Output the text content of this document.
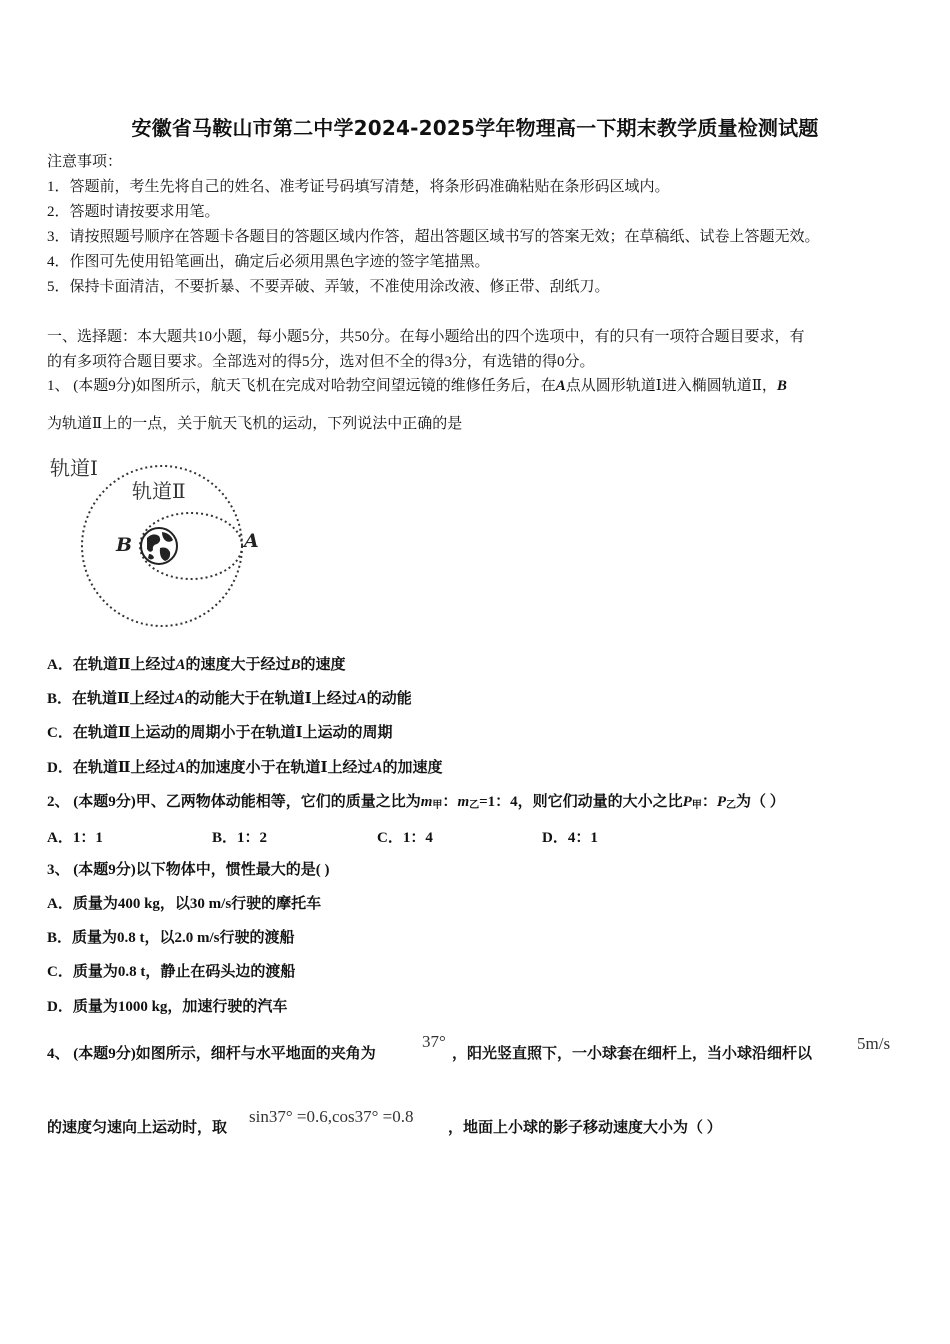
安徽省马鞍山市第二中学2024-2025学年物理高一下期末教学质量检测试题
注意事项：
1．答题前，考生先将自己的姓名、准考证号码填写清楚，将条形码准确粘贴在条形码区域内。
2．答题时请按要求用笔。
3．请按照题号顺序在答题卡各题目的答题区域内作答，超出答题区域书写的答案无效；在草稿纸、试卷上答题无效。
4．作图可先使用铅笔画出，确定后必须用黑色字迹的签字笔描黑。
5．保持卡面清洁，不要折暴、不要弄破、弄皱，不准使用涂改液、修正带、刮纸刀。
一、选择题：本大题共10小题，每小题5分，共50分。在每小题给出的四个选项中，有的只有一项符合题目要求，有
的有多项符合题目要求。全部选对的得5分，选对但不全的得3分，有选错的得0分。
1、 (本题9分)如图所示，航天飞机在完成对哈勃空间望远镜的维修任务后，在A点从圆形轨道Ⅰ进入椭圆轨道Ⅱ，B
为轨道Ⅱ上的一点，关于航天飞机的运动，下列说法中正确的是
轨道Ⅰ
轨道Ⅱ
B	A
A．在轨道Ⅱ上经过A的速度大于经过B的速度
B．在轨道Ⅱ上经过A的动能大于在轨道Ⅰ上经过A的动能
C．在轨道Ⅱ上运动的周期小于在轨道Ⅰ上运动的周期
D．在轨道Ⅱ上经过A的加速度小于在轨道Ⅰ上经过A的加速度
2、 (本题9分)甲、乙两物体动能相等，它们的质量之比为$m_甲$：$m_乙=1$：4，则它们动量的大小之比$P_甲$：$P_乙$为（ ）
A．1：1	B．1：2	C．1：4	D．4：1
3、 (本题9分)以下物体中，惯性最大的是( )
A．质量为400 kg，以30 m/s行驶的摩托车
B．质量为0.8 t，以2.0 m/s行驶的渡船
C．质量为0.8 t，静止在码头边的渡船
D．质量为1000 kg，加速行驶的汽车
4、 (本题9分)如图所示，细杆与水平地面的夹角为
37°
，阳光竖直照下，一小球套在细杆上，当小球沿细杆以
5m/s
的速度匀速向上运动时，取
sin37° =0.6,cos37° =0.8
，地面上小球的影子移动速度大小为（ ）
